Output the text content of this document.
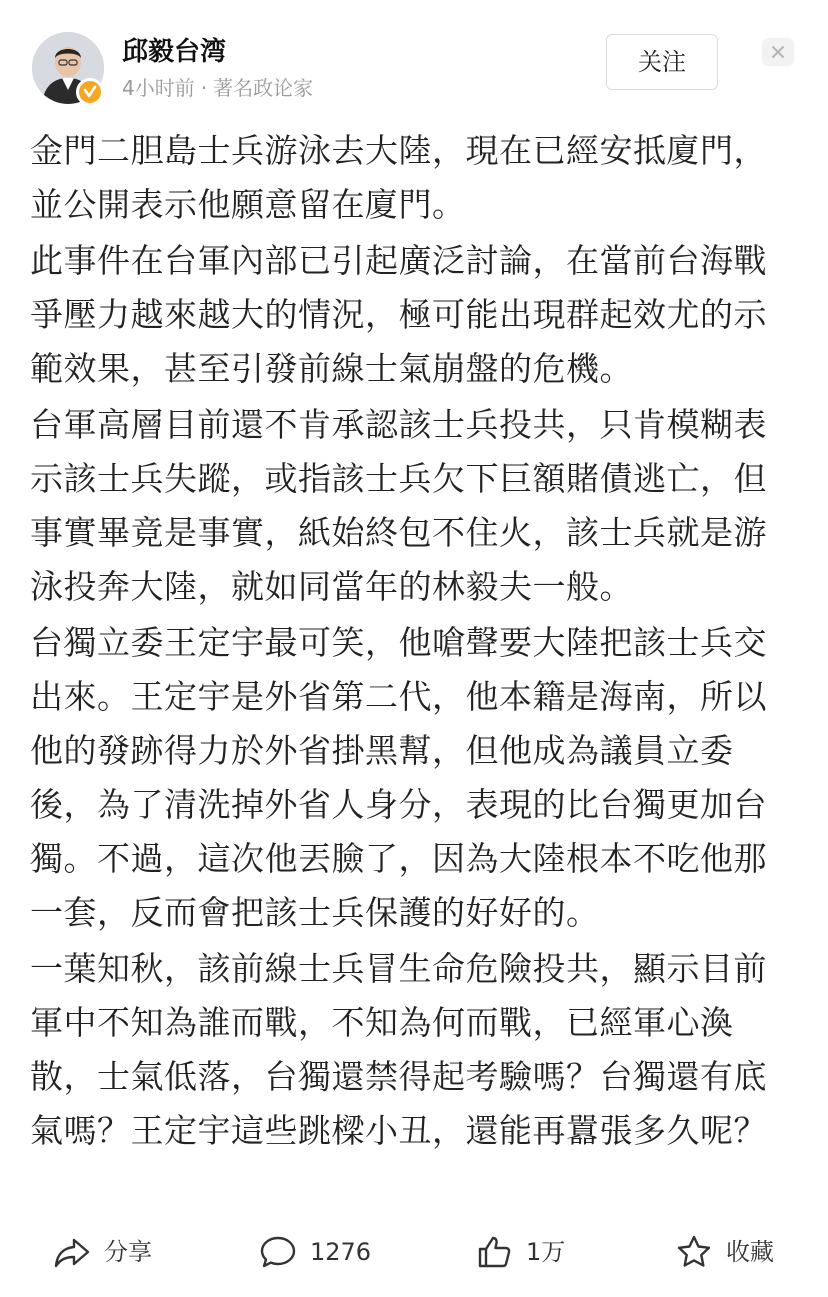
邱毅台湾
4小时前 · 著名政论家
关注

金門二胆島士兵游泳去大陸，現在已經安抵廈門，並公開表示他願意留在廈門。

此事件在台軍內部已引起廣泛討論，在當前台海戰爭壓力越來越大的情況，極可能出現群起效尤的示範效果，甚至引發前線士氣崩盤的危機。

台軍高層目前還不肯承認該士兵投共，只肯模糊表示該士兵失蹤，或指該士兵欠下巨額賭債逃亡，但事實畢竟是事實，紙始終包不住火，該士兵就是游泳投奔大陸，就如同當年的林毅夫一般。

台獨立委王定宇最可笑，他嗆聲要大陸把該士兵交出來。王定宇是外省第二代，他本籍是海南，所以他的發跡得力於外省掛黑幫，但他成為議員立委後，為了清洗掉外省人身分，表現的比台獨更加台獨。不過，這次他丟臉了，因為大陸根本不吃他那一套，反而會把該士兵保護的好好的。

一葉知秋，該前線士兵冒生命危險投共，顯示目前軍中不知為誰而戰，不知為何而戰，已經軍心渙散，士氣低落，台獨還禁得起考驗嗎？台獨還有底氣嗎？王定宇這些跳樑小丑，還能再囂張多久呢？

分享	1276	1万	收藏
